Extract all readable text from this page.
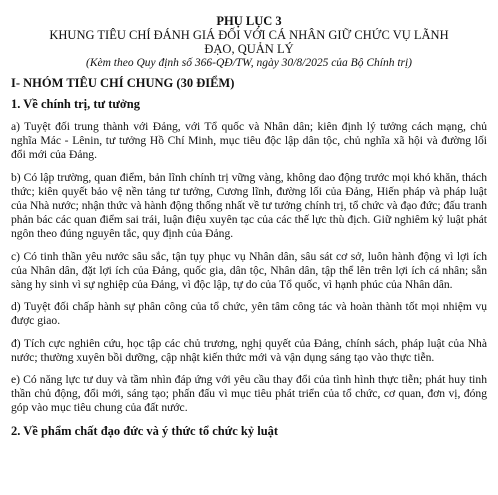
PHỤ LỤC 3

KHUNG TIÊU CHÍ ĐÁNH GIÁ ĐỐI VỚI CÁ NHÂN GIỮ CHỨC VỤ LÃNH ĐẠO, QUẢN LÝ

(Kèm theo Quy định số 366-QĐ/TW, ngày 30/8/2025 của Bộ Chính trị)

I- NHÓM TIÊU CHÍ CHUNG (30 ĐIỂM)

1. Về chính trị, tư tưởng

a) Tuyệt đối trung thành với Đảng, với Tổ quốc và Nhân dân; kiên định lý tưởng cách mạng, chủ nghĩa Mác - Lênin, tư tưởng Hồ Chí Minh, mục tiêu độc lập dân tộc, chủ nghĩa xã hội và đường lối đổi mới của Đảng.

b) Có lập trường, quan điểm, bản lĩnh chính trị vững vàng, không dao động trước mọi khó khăn, thách thức; kiên quyết bảo vệ nền tảng tư tưởng, Cương lĩnh, đường lối của Đảng, Hiến pháp và pháp luật của Nhà nước; nhận thức và hành động thống nhất về tư tưởng chính trị, tổ chức và đạo đức; đấu tranh phản bác các quan điểm sai trái, luận điệu xuyên tạc của các thế lực thù địch. Giữ nghiêm kỷ luật phát ngôn theo đúng nguyên tắc, quy định của Đảng.

c) Có tinh thần yêu nước sâu sắc, tận tụy phục vụ Nhân dân, sâu sát cơ sở, luôn hành động vì lợi ích của Nhân dân, đặt lợi ích của Đảng, quốc gia, dân tộc, Nhân dân, tập thể lên trên lợi ích cá nhân; sẵn sàng hy sinh vì sự nghiệp của Đảng, vì độc lập, tự do của Tổ quốc, vì hạnh phúc của Nhân dân.

d) Tuyệt đối chấp hành sự phân công của tổ chức, yên tâm công tác và hoàn thành tốt mọi nhiệm vụ được giao.

đ) Tích cực nghiên cứu, học tập các chủ trương, nghị quyết của Đảng, chính sách, pháp luật của Nhà nước; thường xuyên bồi dưỡng, cập nhật kiến thức mới và vận dụng sáng tạo vào thực tiễn.

e) Có năng lực tư duy và tầm nhìn đáp ứng với yêu cầu thay đổi của tình hình thực tiễn; phát huy tinh thần chủ động, đổi mới, sáng tạo; phấn đấu vì mục tiêu phát triển của tổ chức, cơ quan, đơn vị, đóng góp vào mục tiêu chung của đất nước.

2. Về phẩm chất đạo đức và ý thức tổ chức kỷ luật
